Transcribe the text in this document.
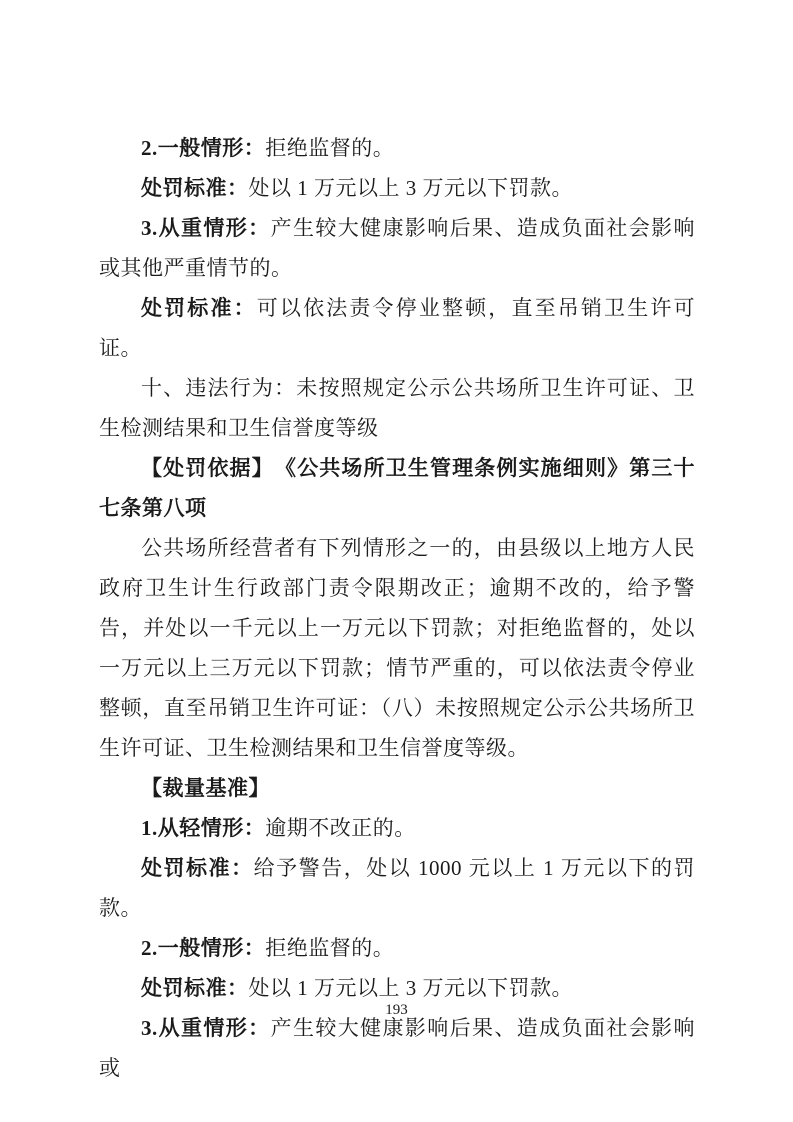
2.一般情形：拒绝监督的。

处罚标准：处以 1 万元以上 3 万元以下罚款。

3.从重情形：产生较大健康影响后果、造成负面社会影响或其他严重情节的。

处罚标准：可以依法责令停业整顿，直至吊销卫生许可证。

十、违法行为：未按照规定公示公共场所卫生许可证、卫生检测结果和卫生信誉度等级

【处罚依据】　《公共场所卫生管理条例实施细则》第三十七条第八项

公共场所经营者有下列情形之一的，由县级以上地方人民政府卫生计生行政部门责令限期改正；逾期不改的，给予警告，并处以一千元以上一万元以下罚款；对拒绝监督的，处以一万元以上三万元以下罚款；情节严重的，可以依法责令停业整顿，直至吊销卫生许可证：（八）未按照规定公示公共场所卫生许可证、卫生检测结果和卫生信誉度等级。

【裁量基准】

1.从轻情形：逾期不改正的。

处罚标准：给予警告，处以 1000 元以上 1 万元以下的罚款。

2.一般情形：拒绝监督的。

处罚标准：处以 1 万元以上 3 万元以下罚款。

3.从重情形：产生较大健康影响后果、造成负面社会影响或

193
